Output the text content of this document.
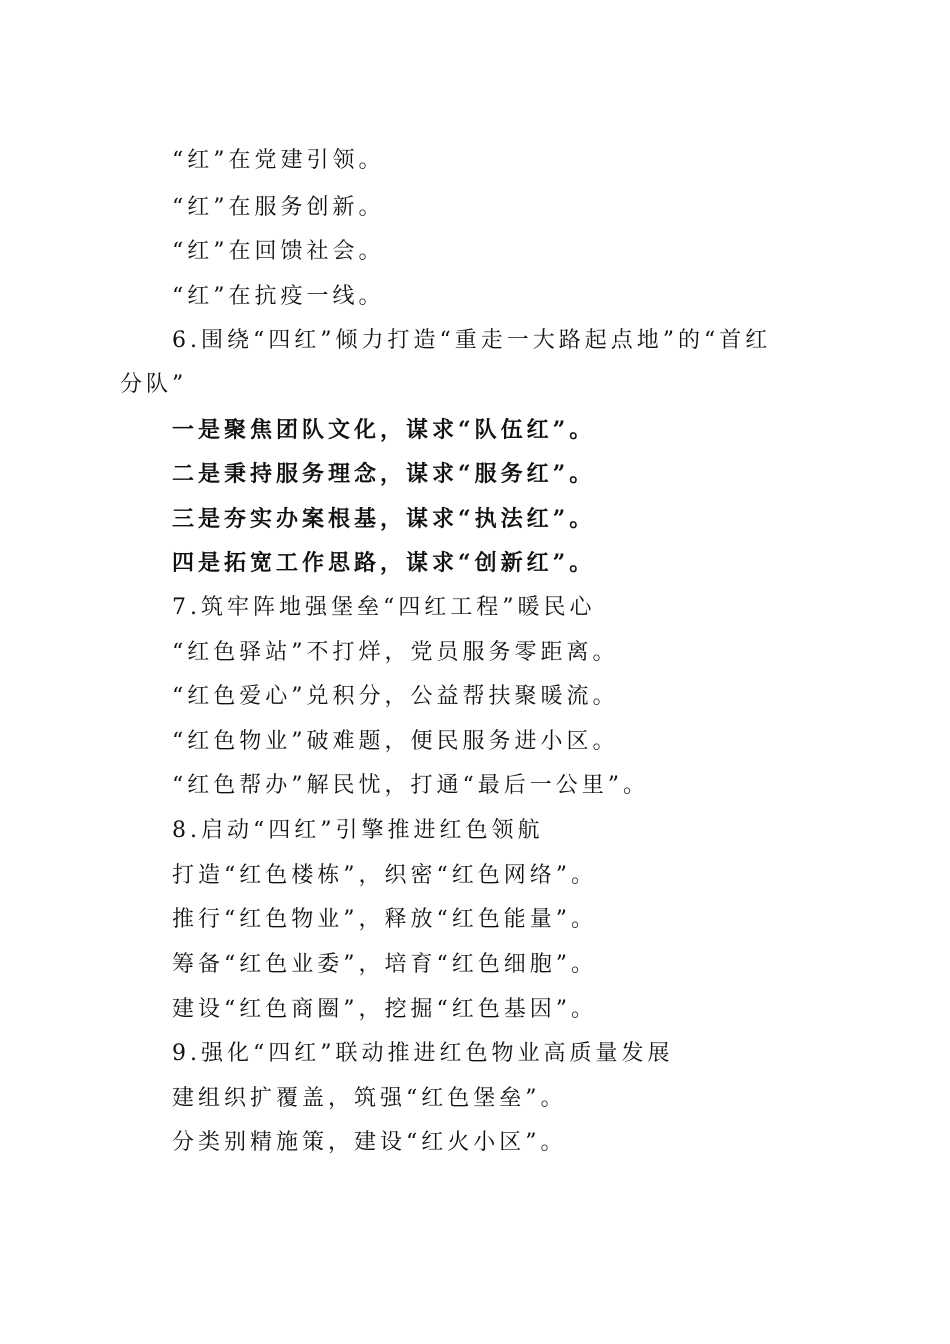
“红”在党建引领。
“红”在服务创新。
“红”在回馈社会。
“红”在抗疫一线。
6.围绕“四红”倾力打造“重走一大路起点地”的“首红
分队”
一是聚焦团队文化，谋求“队伍红”。
二是秉持服务理念，谋求“服务红”。
三是夯实办案根基，谋求“执法红”。
四是拓宽工作思路，谋求“创新红”。
7.筑牢阵地强堡垒“四红工程”暖民心
“红色驿站”不打烊，党员服务零距离。
“红色爱心”兑积分，公益帮扶聚暖流。
“红色物业”破难题，便民服务进小区。
“红色帮办”解民忧，打通“最后一公里”。
8.启动“四红”引擎推进红色领航
打造“红色楼栋”，织密“红色网络”。
推行“红色物业”，释放“红色能量”。
筹备“红色业委”，培育“红色细胞”。
建设“红色商圈”，挖掘“红色基因”。
9.强化“四红”联动推进红色物业高质量发展
建组织扩覆盖，筑强“红色堡垒”。
分类别精施策，建设“红火小区”。
